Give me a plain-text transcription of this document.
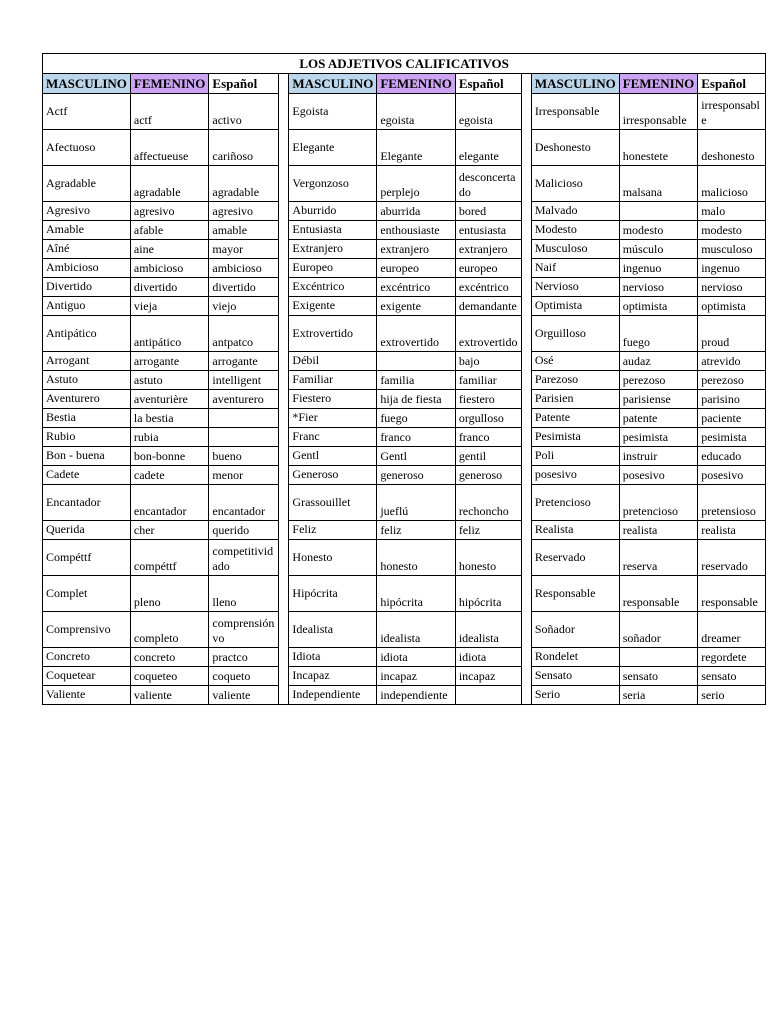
LOS ADJETIVOS CALIFICATIVOS										
MASCULINO	FEMENINO	Español		MASCULINO	FEMENINO	Español		MASCULINO	FEMENINO	Español
Actf	actf	activo		Egoista	egoista	egoista		Irresponsable	irresponsable	irresponsable
Afectuoso	affectueuse	cariñoso		Elegante	Elegante	elegante		Deshonesto	honestete	deshonesto
Agradable	agradable	agradable		Vergonzoso	perplejo	desconcertado		Malicioso	malsana	malicioso
Agresivo	agresivo	agresivo		Aburrido	aburrida	bored		Malvado		malo
Amable	afable	amable		Entusiasta	enthousiaste	entusiasta		Modesto	modesto	modesto
Aîné	aine	mayor		Extranjero	extranjero	extranjero		Musculoso	músculo	musculoso
Ambicioso	ambicioso	ambicioso		Europeo	europeo	europeo		Naif	ingenuo	ingenuo
Divertido	divertido	divertido		Excéntrico	excéntrico	excéntrico		Nervioso	nervioso	nervioso
Antiguo	vieja	viejo		Exigente	exigente	demandante		Optimista	optimista	optimista
Antipático	antipático	antpatco		Extrovertido	extrovertido	extrovertido		Orguilloso	fuego	proud
Arrogant	arrogante	arrogante		Débil		bajo		Osé	audaz	atrevido
Astuto	astuto	intelligent		Familiar	familia	familiar		Parezoso	perezoso	perezoso
Aventurero	aventurière	aventurero		Fiestero	hija de fiesta	fiestero		Parisien	parisiense	parisino
Bestia	la bestia			*Fier	fuego	orgulloso		Patente	patente	paciente
Rubio	rubia			Franc	franco	franco		Pesimista	pesimista	pesimista
Bon - buena	bon-bonne	bueno		Gentl	Gentl	gentil		Poli	instruir	educado
Cadete	cadete	menor		Generoso	generoso	generoso		posesivo	posesivo	posesivo
Encantador	encantador	encantador		Grassouillet	jueflú	rechoncho		Pretencioso	pretencioso	pretensioso
Querida	cher	querido		Feliz	feliz	feliz		Realista	realista	realista
Compéttf	compéttf	competitividado		Honesto	honesto	honesto		Reservado	reserva	reservado
Complet	pleno	lleno		Hipócrita	hipócrita	hipócrita		Responsable	responsable	responsable
Comprensivo	completo	comprensiónvo		Idealista	idealista	idealista		Soñador	soñador	dreamer
Concreto	concreto	practco		Idiota	idiota	idiota		Rondelet		regordete
Coquetear	coqueteo	coqueto		Incapaz	incapaz	incapaz		Sensato	sensato	sensato
Valiente	valiente	valiente		Independiente	independiente			Serio	seria	serio
